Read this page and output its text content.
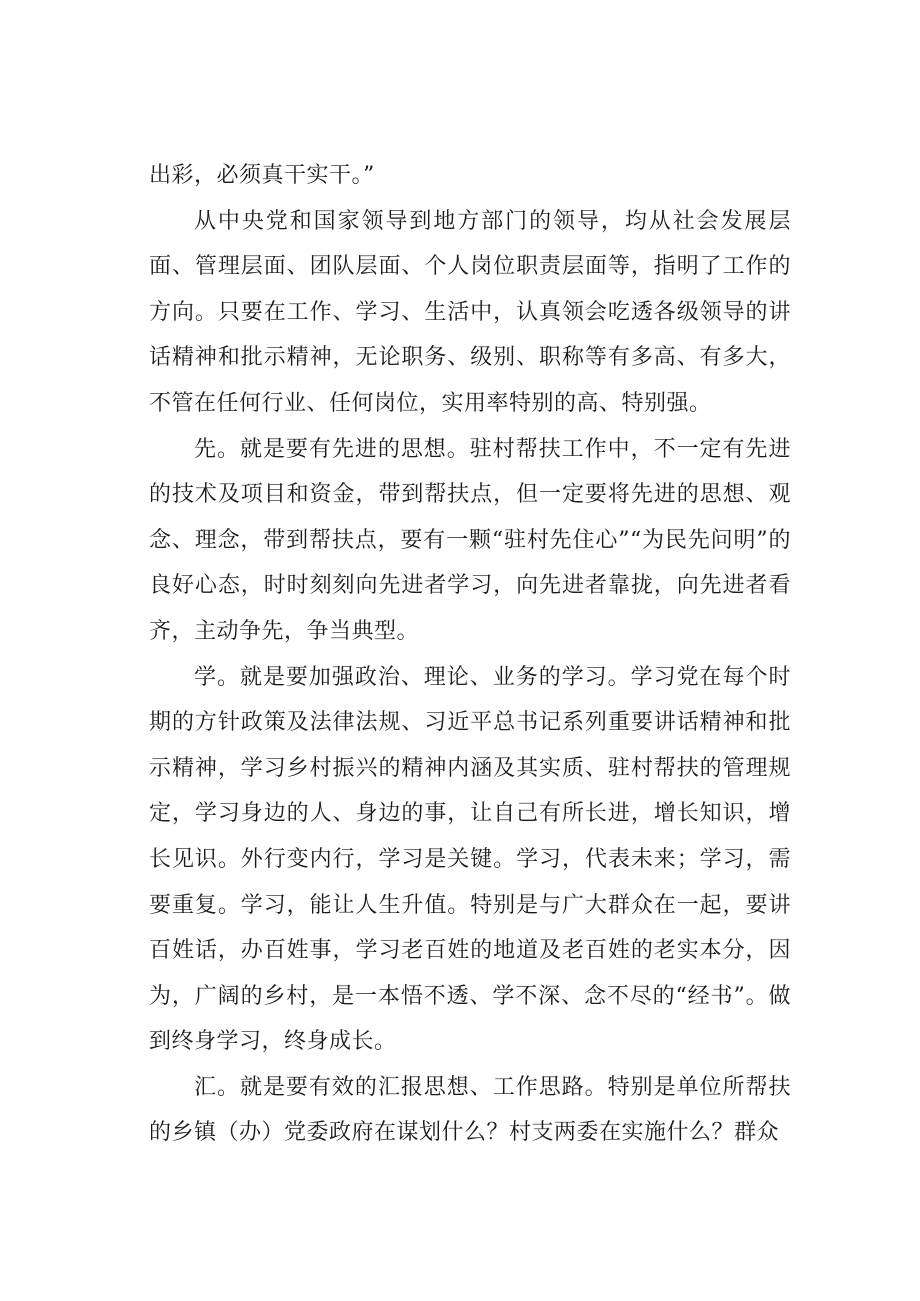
出彩，必须真干实干。”

从中央党和国家领导到地方部门的领导，均从社会发展层面、管理层面、团队层面、个人岗位职责层面等，指明了工作的方向。只要在工作、学习、生活中，认真领会吃透各级领导的讲话精神和批示精神，无论职务、级别、职称等有多高、有多大，不管在任何行业、任何岗位，实用率特别的高、特别强。

先。就是要有先进的思想。驻村帮扶工作中，不一定有先进的技术及项目和资金，带到帮扶点，但一定要将先进的思想、观念、理念，带到帮扶点，要有一颗“驻村先住心”“为民先问明”的良好心态，时时刻刻向先进者学习，向先进者靠拢，向先进者看齐，主动争先，争当典型。

学。就是要加强政治、理论、业务的学习。学习党在每个时期的方针政策及法律法规、习近平总书记系列重要讲话精神和批示精神，学习乡村振兴的精神内涵及其实质、驻村帮扶的管理规定，学习身边的人、身边的事，让自己有所长进，增长知识，增长见识。外行变内行，学习是关键。学习，代表未来；学习，需要重复。学习，能让人生升值。特别是与广大群众在一起，要讲百姓话，办百姓事，学习老百姓的地道及老百姓的老实本分，因为，广阔的乡村，是一本悟不透、学不深、念不尽的“经书”。做到终身学习，终身成长。

汇。就是要有效的汇报思想、工作思路。特别是单位所帮扶的乡镇（办）党委政府在谋划什么？村支两委在实施什么？群众
